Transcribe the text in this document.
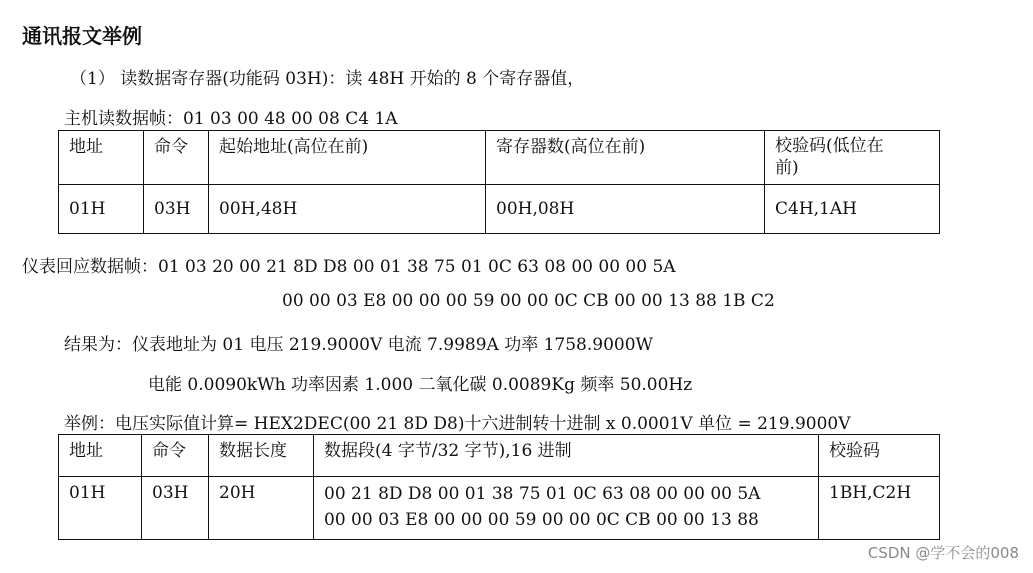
通讯报文举例
（1） 读数据寄存器(功能码 03H)：读 48H 开始的 8 个寄存器值，
主机读数据帧：01 03 00 48 00 08 C4 1A
地址	命令	起始地址(高位在前)	寄存器数(高位在前)	校验码(低位在
前)

01H	03H	00H,48H	00H,08H	C4H,1AH
仪表回应数据帧：01 03 20 00 21 8D D8 00 01 38 75 01 0C 63 08 00 00 00 5A
00 00 03 E8 00 00 00 59 00 00 0C CB 00 00 13 88 1B C2
结果为：仪表地址为 01 电压 219.9000V 电流 7.9989A 功率 1758.9000W
电能 0.0090kWh 功率因素 1.000 二氧化碳 0.0089Kg 频率 50.00Hz
举例：电压实际值计算= HEX2DEC(00 21 8D D8)十六进制转十进制 x 0.0001V 单位 = 219.9000V
地址	命令	数据长度	数据段(4 字节/32 字节),16 进制	校验码
01H	03H	20H	00 21 8D D8 00 01 38 75 01 0C 63 08 00 00 00 5A
00 00 03 E8 00 00 00 59 00 00 0C CB 00 00 13 88	1BH,C2H
CSDN @学不会的008
